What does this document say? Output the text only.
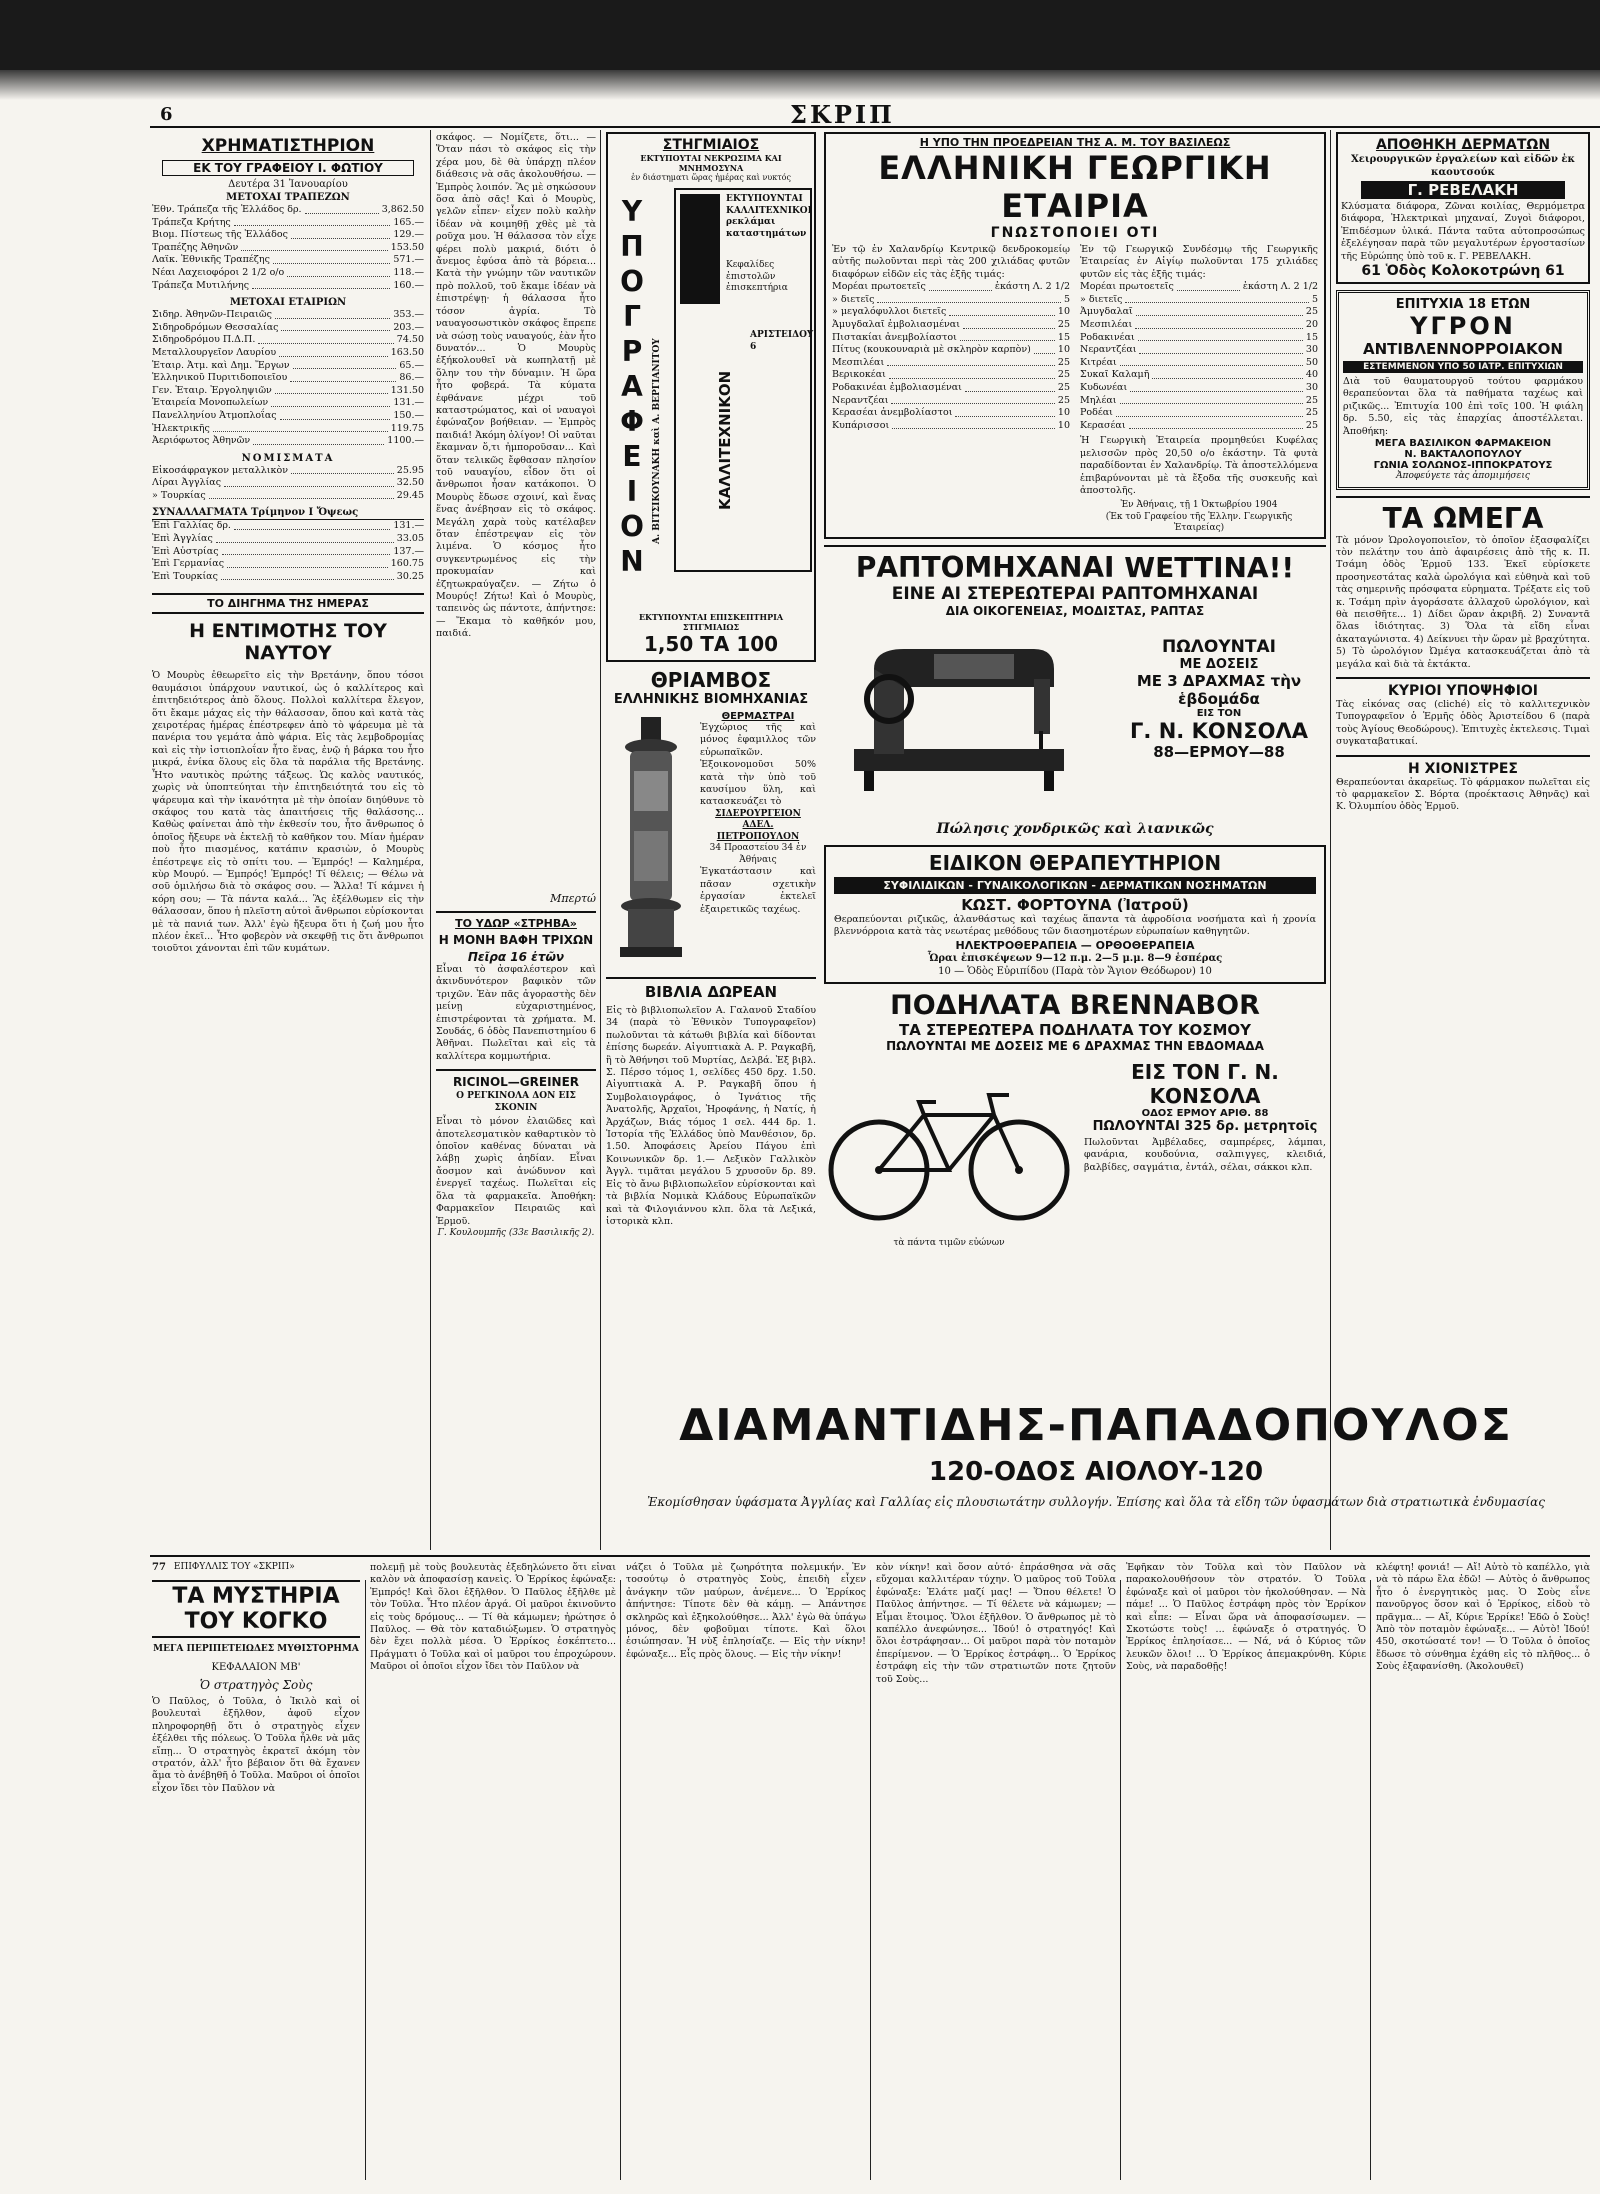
6	ΣΚΡΙΠ
ΧΡΗΜΑΤΙΣΤΗΡΙΟΝ
ΕΚ ΤΟΥ ΓΡΑΦΕΙΟΥ Ι. ΦΩΤΙΟΥ
Δευτέρα 31 Ἰανουαρίου
ΜΕΤΟΧΑΙ ΤΡΑΠΕΖΩΝ
Ἐθν. Τράπεζα τῆς Ἑλλάδος δρ.	3,862.50
Τράπεζα Κρήτης	165.—
Βιομ. Πίστεως τῆς Ἑλλάδος	129.—
Τραπέζης Ἀθηνῶν	153.50
Λαϊκ. Ἐθνικῆς Τραπέζης	571.—
Νέαι Λαχειοφόροι 2 1/2 ο/ο	118.—
Τράπεζα Μυτιλήνης	160.—
ΜΕΤΟΧΑΙ ΕΤΑΙΡΙΩΝ
Σιδηρ. Ἀθηνῶν-Πειραιῶς	353.—
Σιδηροδρόμων Θεσσαλίας	203.—
Σιδηροδρόμου Π.Δ.Π.	74.50
Μεταλλουργεῖον Λαυρίου	163.50
Ἑταιρ. Ἀτμ. καὶ Δημ. Ἔργων	65.—
Ἑλληνικοῦ Πυριτιδοποιεῖου	86.—
Γεν. Ἑταιρ. Ἐργοληψιῶν	131.50
Ἑταιρεία Μονοπωλείων	131.—
Πανελληνίου Ἀτμοπλοΐας	150.—
Ἠλεκτρικῆς	119.75
Ἀεριόφωτος Ἀθηνῶν	1100.—
ΝΟΜΙΣΜΑΤΑ
Εἰκοσάφραγκον μεταλλικὸν	25.95
Λίραι Ἀγγλίας	32.50
» Τουρκίας	29.45
ΣΥΝΑΛΛΑΓΜΑΤΑ Τρίμηνον Ι Ὄψεως
Ἐπὶ Γαλλίας δρ.	131.—
Ἐπὶ Ἀγγλίας	33.05
Ἐπὶ Αὐστρίας	137.—
Ἐπὶ Γερμανίας	160.75
Ἐπὶ Τουρκίας	30.25
ΤΟ ΔΙΗΓΗΜΑ ΤΗΣ ΗΜΕΡΑΣ
Η ΕΝΤΙΜΟΤΗΣ ΤΟΥ ΝΑΥΤΟΥ
Ὁ Μουρὺς ἐθεωρεῖτο εἰς τὴν Βρετάνην, ὅπου τόσοι θαυμάσιοι ὑπάρχουν ναυτικοί, ὡς ὁ καλλίτερος καὶ ἐπιτηδειότερος ἀπὸ ὅλους. Πολλοὶ καλλίτερα ἔλεγον, ὅτι ἔκαμε μάχας εἰς τὴν θάλασσαν, ὅπου καὶ κατὰ τὰς χειροτέρας ἡμέρας ἐπέστρεφεν ἀπὸ τὸ ψάρευμα μὲ τὰ πανέρια του γεμάτα ἀπὸ ψάρια. Εἰς τὰς λεμβοδρομίας καὶ εἰς τὴν ἰστιοπλοΐαν ἦτο ἕνας, ἐνῷ ἡ βάρκα του ἦτο μικρά, ἐνίκα ὅλους εἰς ὅλα τὰ παράλια τῆς Βρετάνης. Ἦτο ναυτικὸς πρώτης τάξεως. Ὡς καλὸς ναυτικός, χωρὶς νὰ ὑποπτεύηται τὴν ἐπιτηδειότητά του εἰς τὸ ψάρευμα καὶ τὴν ἱκανότητα μὲ τὴν ὁποίαν διηύθυνε τὸ σκάφος του κατὰ τὰς ἀπαιτήσεις τῆς θαλάσσης... Καθὼς φαίνεται ἀπὸ τὴν ἐκθεσίν του, ἦτο ἄνθρωπος ὁ ὁποῖος ἤξευρε νὰ ἐκτελῇ τὸ καθῆκον του. Μίαν ἡμέραν ποὺ ἦτο πιασμένος, κατάπιν κρασιὼν, ὁ Μουρὺς ἐπέστρεψε εἰς τὸ σπίτι του. — Ἐμπρός! — Καλημέρα, κὺρ Μουρύ. — Ἐμπρός! Ἐμπρός! Τί θέλεις; — Θέλω νὰ σοῦ ὁμιλήσω διὰ τὸ σκάφος σου. — Ἄλλα! Τί κάμνει ἡ κόρη σου; — Τὰ πάντα καλά... Ἂς ἐξέλθωμεν εἰς τὴν θάλασσαν, ὅπου ἡ πλεῖστη αὐτοὶ ἄνθρωποι εὑρίσκονται μὲ τὰ πανιά των. Ἀλλ' ἐγὼ ἤξευρα ὅτι ἡ ζωή μου ἦτο πλέον ἐκεῖ... Ἦτο φοβερὸν νὰ σκεφθῇ τις ὅτι ἄνθρωποι τοιοῦτοι χάνονται ἐπὶ τῶν κυμάτων.
σκάφος. — Νομίζετε, ὅτι... — Ὅταν πάσι τὸ σκάφος εἰς τὴν χέρα μου, δὲ θὰ ὑπάρχῃ πλέον διάθεσις νὰ σᾶς ἀκολουθήσω. — Ἐμπρὸς λοιπόν. Ἂς μὲ σηκώσουν ὅσα ἀπὸ σᾶς! Καὶ ὁ Μουρὺς, γελῶν εἶπεν· εἶχεν πολὺ καλὴν ἰδέαν νὰ κοιμηθῇ χθὲς μὲ τὰ ροῦχα μου. Ἡ θάλασσα τὸν εἶχε φέρει πολὺ μακριά, διότι ὁ ἄνεμος ἐφύσα ἀπὸ τὰ βόρεια... Κατὰ τὴν γνώμην τῶν ναυτικῶν πρὸ πολλοῦ, τοῦ ἔκαμε ἰδέαν νὰ ἐπιστρέψῃ· ἡ θάλασσα ἦτο τόσον ἀγρία. Τὸ ναυαγοσωστικὸν σκάφος ἔπρεπε νὰ σώσῃ τοὺς ναυαγούς, ἐὰν ἦτο δυνατόν... Ὁ Μουρὺς ἐξήκολουθεῖ νὰ κωπηλατῇ μὲ ὅλην του τὴν δύναμιν. Ἡ ὥρα ἦτο φοβερά. Τὰ κύματα ἐφθάνανε μέχρι τοῦ καταστρώματος, καὶ οἱ ναυαγοὶ ἐφώναζον βοήθειαν. — Ἐμπρὸς παιδιά! Ἀκόμη ὀλίγον! Οἱ ναῦται ἔκαμναν ὅ,τι ἠμποροῦσαν... Καὶ ὅταν τελικῶς ἔφθασαν πλησίον τοῦ ναυαγίου, εἶδον ὅτι οἱ ἄνθρωποι ἦσαν κατάκοποι. Ὁ Μουρὺς ἔδωσε σχοινί, καὶ ἕνας ἕνας ἀνέβησαν εἰς τὸ σκάφος. Μεγάλη χαρὰ τοὺς κατέλαβεν ὅταν ἐπέστρεψαν εἰς τὸν λιμένα. Ὁ κόσμος ἦτο συγκεντρωμένος εἰς τὴν προκυμαίαν καὶ ἐζητωκραύγαζεν. — Ζήτω ὁ Μουρύς! Ζήτω! Καὶ ὁ Μουρὺς, ταπεινὸς ὡς πάντοτε, ἀπήντησε: — Ἔκαμα τὸ καθῆκόν μου, παιδιά.
Μπερτώ
ΤΟ ΥΔΩΡ «ΣΤΡΗΒΑ»
Η ΜΟΝΗ ΒΑΦΗ ΤΡΙΧΩΝ
Πεῖρα 16 ἐτῶν
Εἶναι τὸ ἀσφαλέστερον καὶ ἀκινδυνότερον βαφικὸν τῶν τριχῶν. Ἐὰν πᾶς ἀγοραστὴς δὲν μείνῃ εὐχαριστημένος, ἐπιστρέφονται τὰ χρήματα. Μ. Σουδάς, 6 ὁδὸς Πανεπιστημίου 6 Ἀθῆναι. Πωλεῖται καὶ εἰς τὰ καλλίτερα κομμωτήρια.
RICINOL—GREINER
Ο ΡΕΓΚΙΝΟΛΑ ΔΟΝ ΕΙΣ ΣΚΟΝΙΝ
Εἶναι τὸ μόνον ἐλαιῶδες καὶ ἀποτελεσματικὸν καθαρτικὸν τὸ ὁποῖον καθένας δύναται νὰ λάβῃ χωρὶς ἀηδίαν. Εἶναι ἄοσμον καὶ ἀνώδυνον καὶ ἐνεργεῖ ταχέως. Πωλεῖται εἰς ὅλα τὰ φαρμακεῖα. Ἀποθήκη: Φαρμακεῖον Πειραιῶς καὶ Ἑρμοῦ.
Γ. Κουλουμπῆς (33ε Βασιλικῆς 2).
ΣΤΗΓΜΙΑΙΟΣ
ΕΚΤΥΠΟΥΤΑΙ ΝΕΚΡΩΣΙΜΑ ΚΑΙ ΜΝΗΜΟΣΥΝΑ
ἐν διάστηματι ὥρας ἡμέρας καὶ νυκτός
Υ
Π
Ο
Γ
Ρ
Α
Φ
Ε
Ι
Ο
Ν
Α. ΒΙΤΣΙΚΟΥΝΑΚΗ καὶ Α. ΒΕΡΓΙΑΝΙΤΟΥ
ΕΚΤΥΠΟΥΝΤΑΙ ΚΑΛΛΙΤΕΧΝΙΚΟΙ ρεκλάμαι καταστημάτων
Κεφαλίδες ἐπιστολῶν ἐπισκεπτήρια
ΚΑΛΛΙΤΕΧΝΙΚΟΝ
ΑΡΙΣΤΕΙΔΟΥ 6
ΕΚΤΥΠΟΥΝΤΑΙ ΕΠΙΣΚΕΠΤΗΡΙΑ ΣΤΙΓΜΙΑΙΩΣ
1,50 ΤΑ 100
ΘΡΙΑΜΒΟΣ
ΕΛΛΗΝΙΚΗΣ ΒΙΟΜΗΧΑΝΙΑΣ
ΘΕΡΜΑΣΤΡΑΙ
Ἐγχώριος τῆς καὶ μόνος ἐφαμιλλος τῶν εὐρωπαϊκῶν. Ἐξοικονομοῦσι 50% κατὰ τὴν ὑπὸ τοῦ καυσίμου ὕλη, καὶ κατασκευάζει τὸ
ΣΙΔΕΡΟΥΡΓΕΙΟΝ ΑΔΕΛ. ΠΕΤΡΟΠΟΥΛΟΝ
34 Προαστείου 34 ἐν Ἀθήναις
Ἐγκατάστασιν καὶ πᾶσαν σχετικὴν ἐργασίαν ἐκτελεῖ ἐξαιρετικῶς ταχέως.
ΒΙΒΛΙΑ ΔΩΡΕΑΝ
Εἰς τὸ βιβλιοπωλεῖον Α. Γαλανοῦ Σταδίου 34 (παρὰ τὸ Ἐθνικὸν Τυπογραφεῖον) πωλοῦνται τὰ κάτωθι βιβλία καὶ δίδονται ἐπίσης δωρεάν. Αἰγυπτιακὰ Α. Ρ. Ραγκαβῆ, ἢ τὸ Ἀθήνησι τοῦ Μυρτίας, Δελβά. Ἐξ βιβλ. Σ. Πέρσο τόμος 1, σελίδες 450 δρχ. 1.50. Αἰγυπτιακὰ Α. Ρ. Ραγκαβῆ ὅπου ἡ Συμβολαιογράφος, ὁ Ἰγνάτιος τῆς Ἀνατολῆς, Ἀρχαῖοι, Ἡροφάνης, ἡ Νατίς, ἡ Ἀρχάζων, Βιάς τόμος 1 σελ. 444 δρ. 1. Ἱστορία τῆς Ἑλλάδος ὑπὸ Μανθέσιον, δρ. 1.50. Ἀποφάσεις Ἀρείου Πάγου ἐπὶ Κοινωνικῶν δρ. 1.— Λεξικὸν Γαλλικὸν Ἀγγλ. τιμᾶται μεγάλου 5 χρυσοῦν δρ. 89. Εἰς τὸ ἄνω βιβλιοπωλεῖον εὑρίσκονται καὶ τὰ βιβλία Νομικὰ Κλάδους Εὐρωπαϊκῶν καὶ τὰ Φιλογιάννου κλπ. ὅλα τὰ Λεξικά, ἱστορικὰ κλπ.
Η ΥΠΟ ΤΗΝ ΠΡΟΕΔΡΕΙΑΝ ΤΗΣ Α. Μ. ΤΟΥ ΒΑΣΙΛΕΩΣ
ΕΛΛΗΝΙΚΗ ΓΕΩΡΓΙΚΗ ΕΤΑΙΡΙΑ
ΓΝΩΣΤΟΠΟΙΕΙ ΟΤΙ
Ἐν τῷ ἐν Χαλανδρίῳ Κεντρικῷ δενδροκομείῳ αὐτῆς πωλοῦνται περὶ τὰς 200 χιλιάδας φυτῶν διαφόρων εἰδῶν εἰς τὰς ἑξῆς τιμάς:
Μορέαι πρωτοετεῖς	ἑκάστη Λ. 2 1/2
» διετεῖς	5
» μεγαλόφυλλοι διετεῖς	10
Ἀμυγδαλαῖ ἐμβολιασμέναι	25
Πιστακίαι ἀνεμβολίαστοι	15
Πίτυς (κουκουναριὰ μὲ σκληρὸν καρπὸν)	10
Μεσπιλέαι	25
Βερικοκέαι	25
Ροδακινέαι ἐμβολιασμέναι	25
Νεραντζέαι	25
Κερασέαι ἀνεμβολίαστοι	10
Κυπάρισσοι	10
Ἐν τῷ Γεωργικῷ Συνδέσμῳ τῆς Γεωργικῆς Ἑταιρείας ἐν Αἰγίῳ πωλοῦνται 175 χιλιάδες φυτῶν εἰς τὰς ἑξῆς τιμάς:
Μορέαι πρωτοετεῖς	ἑκάστη Λ. 2 1/2
» διετεῖς	5
Ἀμυγδαλαῖ	25
Μεσπιλέαι	20
Ροδακινέαι	15
Νεραντζέαι	30
Κιτρέαι	50
Συκαῖ Καλαμῆ	40
Κυδωνέαι	30
Μηλέαι	25
Ροδέαι	25
Κερασέαι	25
Ἡ Γεωργικὴ Ἑταιρεία προμηθεύει Κυφέλας μελισσῶν πρὸς 20,50 ο/ο ἑκάστην. Τὰ φυτὰ παραδίδονται ἐν Χαλανδρίῳ. Τὰ ἀποστελλόμενα ἐπιβαρύνονται μὲ τὰ ἔξοδα τῆς συσκευῆς καὶ ἀποστολῆς.
Ἐν Ἀθήναις, τῇ 1 Ὀκτωβρίου 1904
(Ἐκ τοῦ Γραφείου τῆς Ἑλλην. Γεωργικῆς Ἑταιρείας)
ΡΑΠΤΟΜΗΧΑΝΑΙ WETTINA!!
ΕΙΝΕ ΑΙ ΣΤΕΡΕΩΤΕΡΑΙ ΡΑΠΤΟΜΗΧΑΝΑΙ
ΔΙΑ ΟΙΚΟΓΕΝΕΙΑΣ, ΜΟΔΙΣΤΑΣ, ΡΑΠΤΑΣ
ΠΩΛΟΥΝΤΑΙ
ΜΕ ΔΟΣΕΙΣ
ΜΕ 3 ΔΡΑΧΜΑΣ τὴν ἑβδομάδα
ΕΙΣ ΤΟΝ
Γ. Ν. ΚΟΝΣΟΛΑ
88—ΕΡΜΟΥ—88
Πώλησις χονδρικῶς καὶ λιανικῶς
ΕΙΔΙΚΟΝ ΘΕΡΑΠΕΥΤΗΡΙΟΝ
ΣΥΦΙΛΙΔΙΚΩΝ - ΓΥΝΑΙΚΟΛΟΓΙΚΩΝ - ΔΕΡΜΑΤΙΚΩΝ ΝΟΣΗΜΑΤΩΝ
ΚΩΣΤ. ΦΟΡΤΟΥΝΑ (Ἰατροῦ)
Θεραπεύονται ριζικῶς, ἀλανθάστως καὶ ταχέως ἅπαντα τὰ ἀφροδίσια νοσήματα καὶ ἡ χρονία βλεννόρροια κατὰ τὰς νεωτέρας μεθόδους τῶν διασημοτέρων εὐρωπαίων καθηγητῶν.
ΗΛΕΚΤΡΟΘΕΡΑΠΕΙΑ — ΟΡΘΟΘΕΡΑΠΕΙΑ
Ὧραι ἐπισκέψεων 9—12 π.μ. 2—5 μ.μ. 8—9 ἑσπέρας
10 — Ὁδὸς Εὐριπίδου (Παρὰ τὸν Ἅγιον Θεόδωρον) 10
ΠΟΔΗΛΑΤΑ BRENNABOR
ΤΑ ΣΤΕΡΕΩΤΕΡΑ ΠΟΔΗΛΑΤΑ ΤΟΥ ΚΟΣΜΟΥ
ΠΩΛΟΥΝΤΑΙ ΜΕ ΔΟΣΕΙΣ ΜΕ 6 ΔΡΑΧΜΑΣ ΤΗΝ ΕΒΔΟΜΑΔΑ
ΕΙΣ ΤΟΝ Γ. Ν. ΚΟΝΣΟΛΑ
ΟΔΟΣ ΕΡΜΟΥ ΑΡΙΘ. 88
ΠΩΛΟΥΝΤΑΙ 325 δρ. μετρητοῖς
Πωλοῦνται Ἀμβέλαδες, σαμπρέρες, λάμπαι, φανάρια, κουδούνια, σαλπιγγες, κλειδιά, βαλβίδες, σαγμάτια, ἐντάλ, σέλαι, σάκκοι κλπ.
τὰ πάντα τιμῶν εὐώνων
ΔΙΑΜΑΝΤΙΔΗΣ-ΠΑΠΑΔΟΠΟΥΛΟΣ
120-ΟΔΟΣ ΑΙΟΛΟΥ-120
Ἐκομίσθησαν ὑφάσματα Ἀγγλίας καὶ Γαλλίας εἰς πλουσιωτάτην συλλογήν. Ἐπίσης καὶ ὅλα τὰ εἴδη τῶν ὑφασμάτων διὰ στρατιωτικὰ ἐνδυμασίας
ΑΠΟΘΗΚΗ ΔΕΡΜΑΤΩΝ
Χειρουργικῶν ἐργαλείων καὶ εἰδῶν ἐκ καουτσούκ
Γ. ΡΕΒΕΛΑΚΗ
Κλύσματα διάφορα, Ζῶναι κοιλίας, Θερμόμετρα διάφορα, Ἠλεκτρικαὶ μηχαναί, Ζυγοὶ διάφοροι, Ἐπιδέσμων ὑλικά. Πάντα ταῦτα αὐτοπροσώπως ἐξελέγησαν παρὰ τῶν μεγαλυτέρων ἐργοστασίων τῆς Εὐρώπης ὑπὸ τοῦ κ. Γ. ΡΕΒΕΛΑΚΗ.
61 Ὁδὸς Κολοκοτρώνη 61
ΕΠΙΤΥΧΙΑ 18 ΕΤΩΝ
ΥΓΡΟΝ
ΑΝΤΙΒΛΕΝΝΟΡΡΟΙΑΚΟΝ
ΕΣΤΕΜΜΕΝΟΝ ΥΠΟ 50 ΙΑΤΡ. ΕΠΙΤΥΧΙΩΝ
Διὰ τοῦ θαυματουργοῦ τούτου φαρμάκου θεραπεύονται ὅλα τὰ παθήματα ταχέως καὶ ριζικῶς... Ἐπιτυχία 100 ἐπὶ τοῖς 100. Ἡ φιάλη δρ. 5.50, εἰς τὰς ἐπαρχίας ἀποστέλλεται. Ἀποθήκη:
ΜΕΓΑ ΒΑΣΙΛΙΚΟΝ ΦΑΡΜΑΚΕΙΟΝ
Ν. ΒΑΚΤΑΛΟΠΟΥΛΟΥ
ΓΩΝΙΑ ΣΟΛΩΝΟΣ-ΙΠΠΟΚΡΑΤΟΥΣ
Ἀποφεύγετε τὰς ἀπομιμήσεις
ΤΑ ΩΜΕΓΑ
Τὰ μόνον Ὡρολογοποιεῖον, τὸ ὁποῖον ἐξασφαλίζει τὸν πελάτην του ἀπὸ ἀφαιρέσεις ἀπὸ τῆς κ. Π. Τσάμη ὁδὸς Ἑρμοῦ 133. Ἐκεῖ εὑρίσκετε προσηνεστάτας καλὰ ὡρολόγια καὶ εὐθηνὰ καὶ τοῦ τὰς σημερινῆς πρόσφατα εὑρηματα. Τρέξατε εἰς τοῦ κ. Τσάμη πρὶν ἀγοράσατε ἀλλαχοῦ ὡρολόγιον, καὶ θὰ πεισθῆτε... 1) Δίδει ὥραν ἀκριβῆ. 2) Συναντᾶ ὅλαs ἰδιότητας. 3) Ὅλα τὰ εἴδη εἶναι ἀκαταγώνιστα. 4) Δείκνυει τὴν ὥραν μὲ βραχύτητα. 5) Τὸ ὡρολόγιον Ὠμέγα κατασκευάζεται ἀπὸ τὰ μεγάλα καὶ διὰ τὰ ἐκτάκτα.
ΚΥΡΙΟΙ ΥΠΟΨΗΦΙΟΙ
Τὰς εἰκόνας σας (cliché) εἰς τὸ καλλιτεχνικὸν Τυπογραφεῖον ὁ Ἑρμῆς ὁδὸς Ἀριστείδου 6 (παρὰ τοὺς Ἁγίους Θεοδώρους). Ἐπιτυχὲς ἐκτελεσις. Τιμαὶ συγκαταβατικαί.
Η ΧΙΟΝΙΣΤΡΕΣ
Θεραπεύονται ἀκαρεῖως. Τὸ φάρμακον πωλεῖται εἰς τὸ φαρμακεῖον Σ. Βόρτα (προέκτασις Ἀθηνᾶς) καὶ Κ. Ὀλυμπίου ὁδὸς Ἑρμοῦ.
77 ΕΠΙΦΥΛΛΙΣ ΤΟΥ «ΣΚΡΙΠ»
ΤΑ ΜΥΣΤΗΡΙΑ ΤΟΥ ΚΟΓΚΟ
ΜΕΓΑ ΠΕΡΙΠΕΤΕΙΩΔΕΣ ΜΥΘΙΣΤΟΡΗΜΑ
ΚΕΦΑΛΑΙΟΝ ΜΒ'
Ὁ στρατηγὸς Σοὺς
Ὁ Παῦλος, ὁ Τοῦλα, ὁ Ἰκιλὸ καὶ οἱ βουλευταὶ ἐξῆλθον, ἀφοῦ εἶχον πληροφορηθῇ ὅτι ὁ στρατηγὸς εἶχεν ἐξέλθει τῆς πόλεως. Ὁ Τοῦλα ἦλθε νὰ μᾶς εἴπῃ... Ὁ στρατηγὸς ἐκρατεῖ ἀκόμη τὸν στρατόν, ἀλλ' ἦτο βέβαιον ὅτι θὰ ἔχανεν ἅμα τὸ ἀνέβηθῆ ὁ Τοῦλα. Μαῦροι οἱ ὁποῖοι εἶχον ἴδει τὸν Παῦλον νὰ
πολεμῇ μὲ τοὺς βουλευτὰς ἐξεδηλώνετο ὅτι εἶναι καλὸν νὰ ἀποφασίσῃ κανεὶς. Ὁ Ἐρρίκος ἐφώναξε: Ἐμπρός! Καὶ ὅλοι ἐξῆλθον. Ὁ Παῦλος ἐξῆλθε μὲ τὸν Τοῦλα. Ἦτο πλέον ἀργά. Οἱ μαῦροι ἐκινοῦντο εἰς τοὺς δρόμους... — Τί θὰ κάμωμεν; ἠρώτησε ὁ Παῦλος. — Θὰ τὸν καταδιώξωμεν. Ὁ στρατηγὸς δὲν ἔχει πολλὰ μέσα. Ὁ Ἐρρίκος ἐσκέπτετο... Πράγματι ὁ Τοῦλα καὶ οἱ μαῦροι του ἐπροχώρουν. Μαῦροι οἱ ὁποῖοι εἶχον ἴδει τὸν Παῦλον νὰ
νάζει ὁ Τοῦλα μὲ ζωηρότητα πολεμικήν. Ἐν τοσούτῳ ὁ στρατηγὸς Σοὺς, ἐπειδὴ εἶχεν ἀνάγκην τῶν μαύρων, ἀνέμενε... Ὁ Ἐρρίκος ἀπήντησε: Τίποτε δὲν θὰ κάμῃ. — Ἀπάντησε σκληρῶς καὶ ἐξηκολούθησε... Ἀλλ' ἐγὼ θὰ ὑπάγω μόνος, δὲν φοβοῦμαι τίποτε. Καὶ ὅλοι ἐσιώπησαν. Ἡ νὺξ ἐπλησίαζε. — Εἰς τὴν νίκην! ἐφώναξε... Εἶς πρὸς ὅλους. — Εἰς τὴν νίκην!
κὸν νίκην! καὶ ὅσον αὐτό· ἐπράσθησα νὰ σᾶς εὔχομαι καλλιτέραν τύχην. Ὁ μαῦρος τοῦ Τοῦλα ἐφώναξε: Ἐλάτε μαζί μας! — Ὅπου θέλετε! Ὁ Παῦλος ἀπήντησε. — Τί θέλετε νὰ κάμωμεν; — Εἶμαι ἕτοιμος. Ὅλοι ἐξῆλθον. Ὁ ἄνθρωπος μὲ τὸ καπέλλο ἀνεφώνησε... Ἰδού! ὁ στρατηγός! Καὶ ὅλοι ἐστράφησαν... Οἱ μαῦροι παρὰ τὸν ποταμὸν ἐπερίμενον. — Ὁ Ἐρρίκος ἐστράφη... Ὁ Ἐρρίκος ἐστράφη εἰς τὴν τῶν στρατιωτῶν ποτε ζητοῦν τοῦ Σοὺς...
Ἐφῆκαν τὸν Τοῦλα καὶ τὸν Παῦλον νὰ παρακολουθήσουν τὸν στρατόν. Ὁ Τοῦλα ἐφώναξε καὶ οἱ μαῦροι τὸν ἠκολούθησαν. — Νὰ πάμε! ... Ὁ Παῦλος ἐστράφη πρὸς τὸν Ἐρρίκον καὶ εἶπε: — Εἶναι ὥρα νὰ ἀποφασίσωμεν. — Σκοτώστε τοὺς! ... ἐφώναξε ὁ στρατηγός. Ὁ Ἐρρίκος ἐπλησίασε... — Νά, νά ὁ Κύριος τῶν λευκῶν ὅλοι! ... Ὁ Ἐρρίκος ἀπεμακρύνθη. Κύριε Σοὺς, νὰ παραδοθῇς!
κλέφτη! φονιά! — Αἴ! Αὐτὸ τὸ καπέλλο, γιὰ νὰ τὸ πάρω ἔλα ἐδῶ! — Αὐτὸς ὁ ἄνθρωπος ἦτο ὁ ἐνεργητικὸς μας. Ὁ Σοὺς εἶνε πανοῦργος ὅσον καὶ ὁ Ἐρρίκος, εἰδοὺ τὸ πρᾶγμα... — Αἴ, Κύριε Ἐρρίκε! Ἐδῶ ὁ Σοὺς! Ἀπὸ τὸν ποταμὸν ἐφώναξε... — Αὐτὸ! Ἰδού! 450, σκοτώσατέ τον! — Ὁ Τοῦλα ὁ ὁποῖος ἔδωσε τὸ σύνθημα ἐχάθη εἰς τὸ πλῆθος... ὁ Σοὺς ἐξαφανίσθη. (Ἀκολουθεῖ)
